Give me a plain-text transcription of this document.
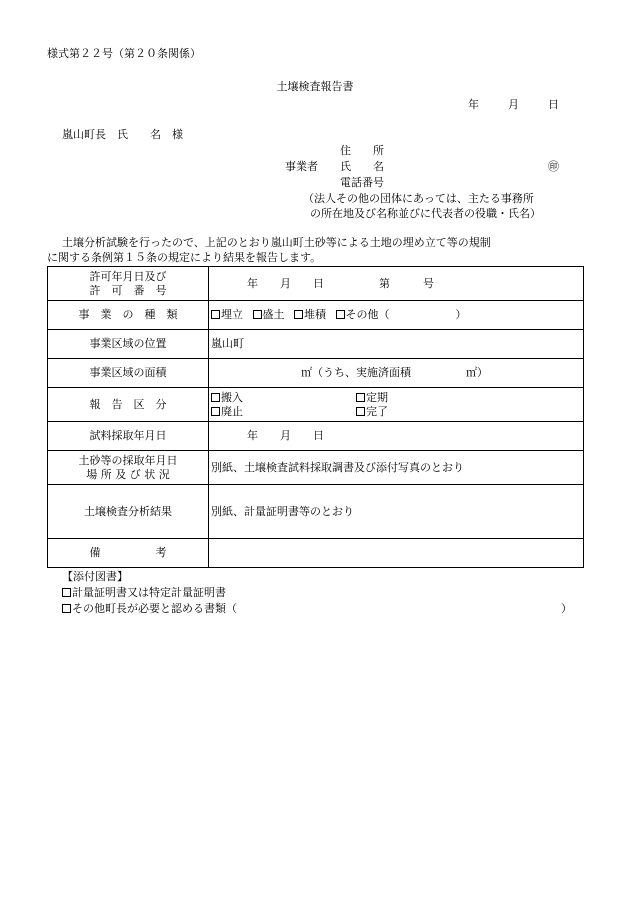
様式第２２号（第２０条関係）
土壌検査報告書
年	月	日
嵐山町長　氏　　名　様
住　　所
事業者 氏　　名	㊞
電話番号
（法人その他の団体にあっては、主たる事務所
の所在地及び名称並びに代表者の役職・氏名）
土壌分析試験を行ったので、上記のとおり嵐山町土砂等による土地の埋め立て等の規制
に関する条例第１５条の規定により結果を報告します。
許可年月日及び
許　可　番　号	年　　月　　日　　　　　第　　　号
事　業　の　種　類	埋立 盛土 堆積 その他（　　　　　　）
事業区域の位置	嵐山町
事業区域の面積	㎡（うち、実施済面積　　　　　㎡）
報　告　区　分	搬入 定期
廃止 完了

試料採取年月日	年　　月　　日

土砂等の採取年月日
場 所 及 び 状 況	別紙、土壌検査試料採取調書及び添付写真のとおり
土壌検査分析結果	別紙、計量証明書等のとおり
備　　　　　考	
【添付図書】
計量証明書又は特定計量証明書
その他町長が必要と認める書類（	）
